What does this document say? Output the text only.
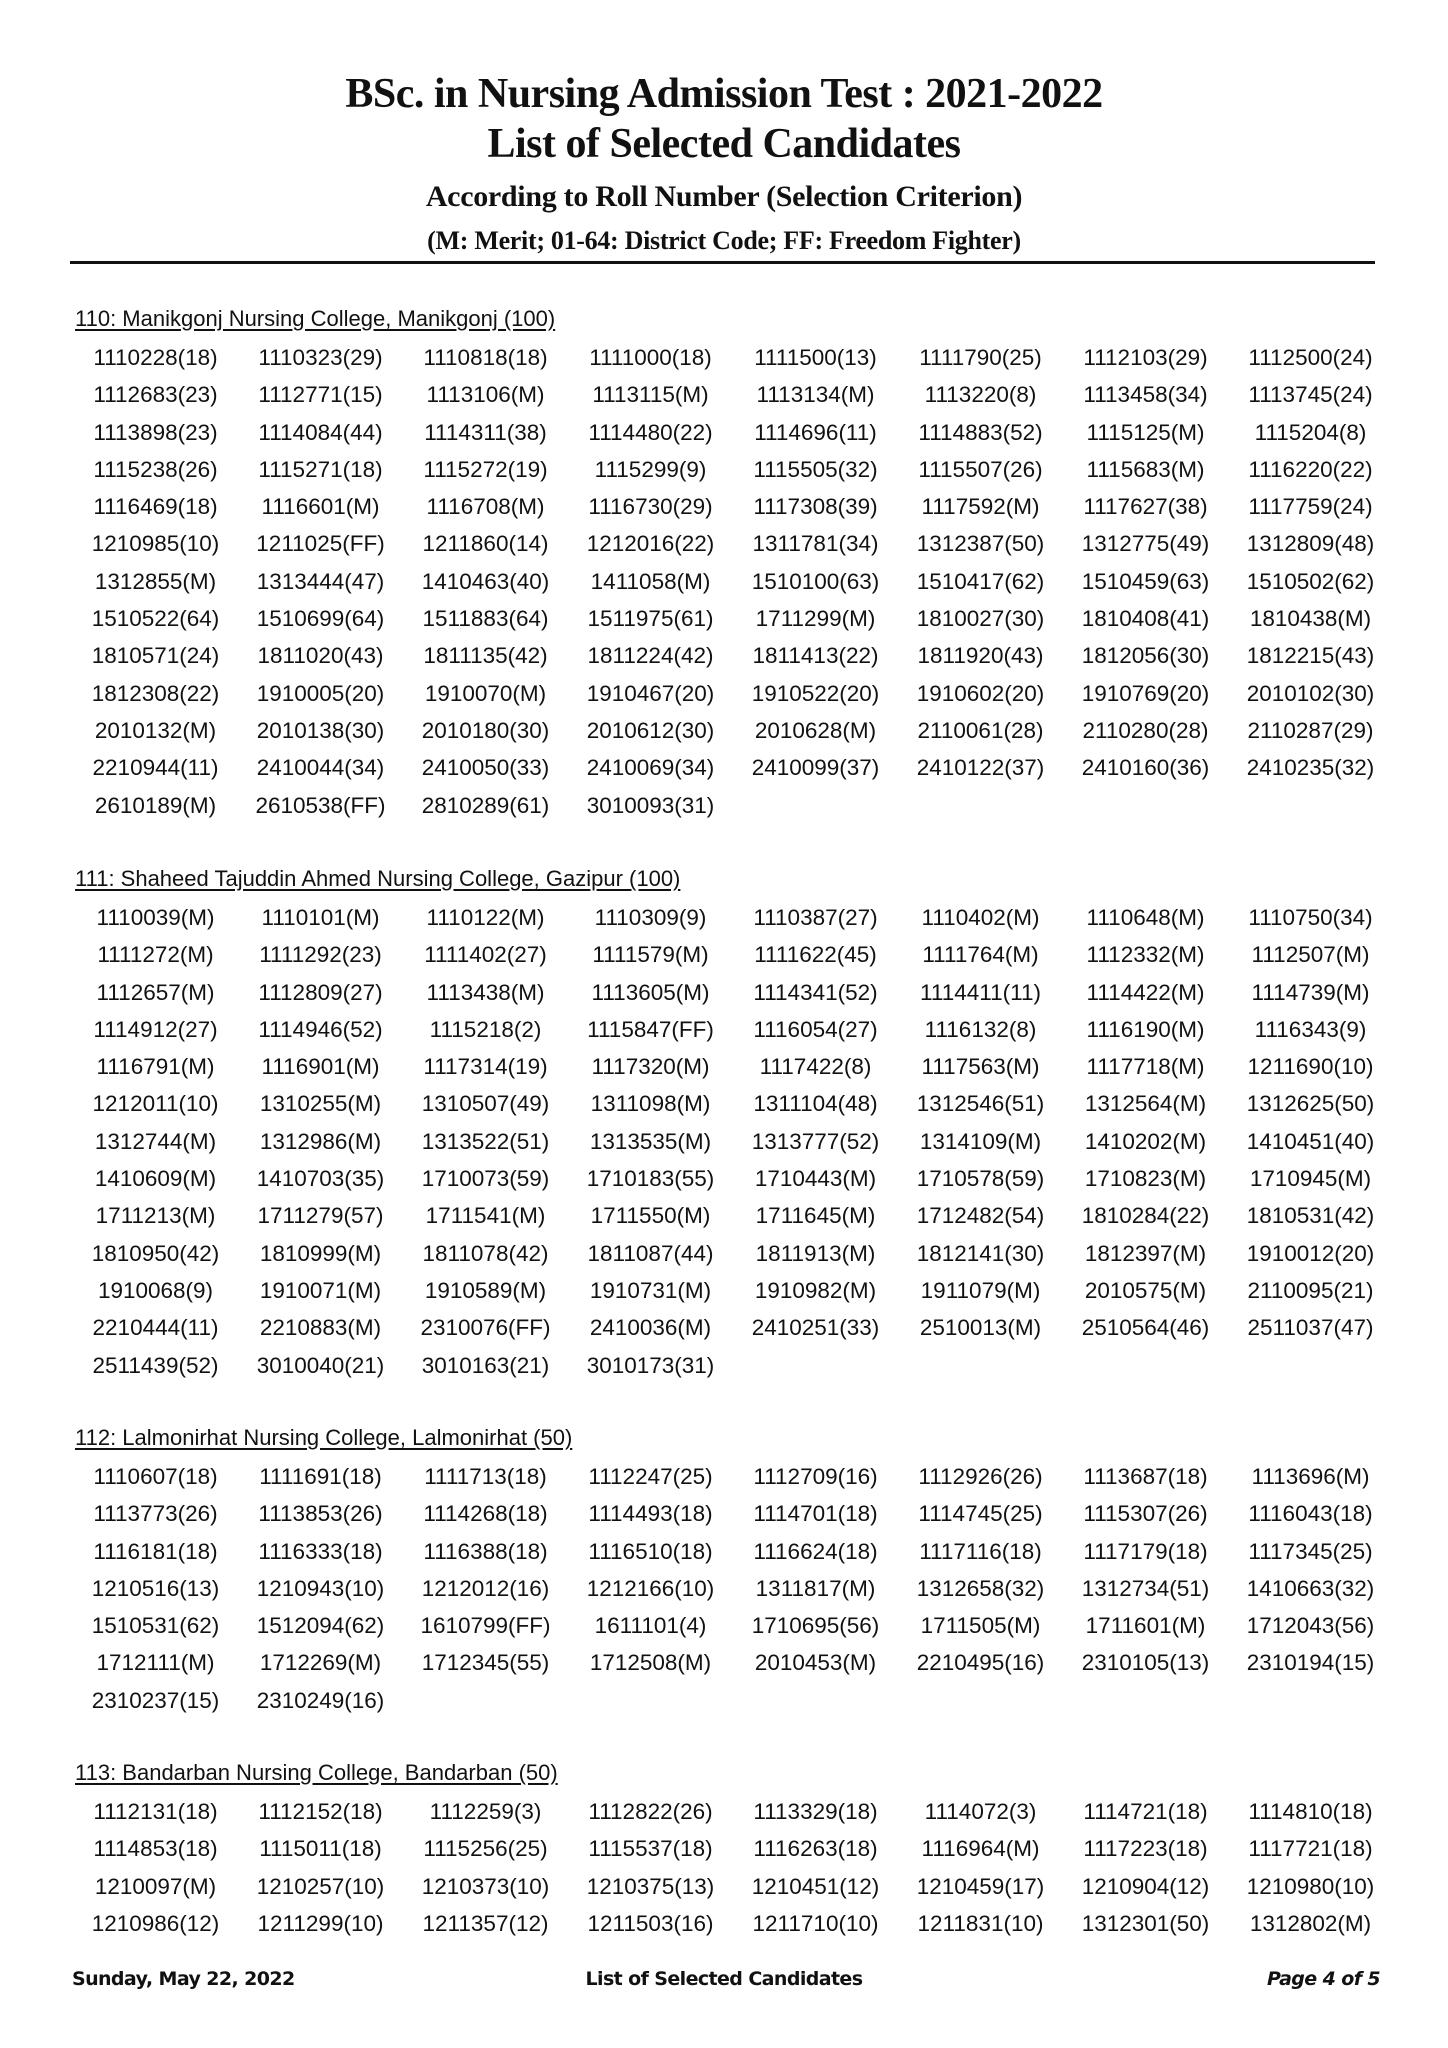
BSc. in Nursing Admission Test : 2021-2022
List of Selected Candidates
According to Roll Number (Selection Criterion)
(M: Merit; 01-64: District Code; FF: Freedom Fighter)
110: Manikgonj Nursing College, Manikgonj (100)
1110228(18)	1110323(29)	1110818(18)	1111000(18)	1111500(13)	1111790(25)	1112103(29)	1112500(24)
1112683(23)	1112771(15)	1113106(M)	1113115(M)	1113134(M)	1113220(8)	1113458(34)	1113745(24)
1113898(23)	1114084(44)	1114311(38)	1114480(22)	1114696(11)	1114883(52)	1115125(M)	1115204(8)
1115238(26)	1115271(18)	1115272(19)	1115299(9)	1115505(32)	1115507(26)	1115683(M)	1116220(22)
1116469(18)	1116601(M)	1116708(M)	1116730(29)	1117308(39)	1117592(M)	1117627(38)	1117759(24)
1210985(10)	1211025(FF)	1211860(14)	1212016(22)	1311781(34)	1312387(50)	1312775(49)	1312809(48)
1312855(M)	1313444(47)	1410463(40)	1411058(M)	1510100(63)	1510417(62)	1510459(63)	1510502(62)
1510522(64)	1510699(64)	1511883(64)	1511975(61)	1711299(M)	1810027(30)	1810408(41)	1810438(M)
1810571(24)	1811020(43)	1811135(42)	1811224(42)	1811413(22)	1811920(43)	1812056(30)	1812215(43)
1812308(22)	1910005(20)	1910070(M)	1910467(20)	1910522(20)	1910602(20)	1910769(20)	2010102(30)
2010132(M)	2010138(30)	2010180(30)	2010612(30)	2010628(M)	2110061(28)	2110280(28)	2110287(29)
2210944(11)	2410044(34)	2410050(33)	2410069(34)	2410099(37)	2410122(37)	2410160(36)	2410235(32)
2610189(M)	2610538(FF)	2810289(61)	3010093(31)
111: Shaheed Tajuddin Ahmed Nursing College, Gazipur (100)
1110039(M)	1110101(M)	1110122(M)	1110309(9)	1110387(27)	1110402(M)	1110648(M)	1110750(34)
1111272(M)	1111292(23)	1111402(27)	1111579(M)	1111622(45)	1111764(M)	1112332(M)	1112507(M)
1112657(M)	1112809(27)	1113438(M)	1113605(M)	1114341(52)	1114411(11)	1114422(M)	1114739(M)
1114912(27)	1114946(52)	1115218(2)	1115847(FF)	1116054(27)	1116132(8)	1116190(M)	1116343(9)
1116791(M)	1116901(M)	1117314(19)	1117320(M)	1117422(8)	1117563(M)	1117718(M)	1211690(10)
1212011(10)	1310255(M)	1310507(49)	1311098(M)	1311104(48)	1312546(51)	1312564(M)	1312625(50)
1312744(M)	1312986(M)	1313522(51)	1313535(M)	1313777(52)	1314109(M)	1410202(M)	1410451(40)
1410609(M)	1410703(35)	1710073(59)	1710183(55)	1710443(M)	1710578(59)	1710823(M)	1710945(M)
1711213(M)	1711279(57)	1711541(M)	1711550(M)	1711645(M)	1712482(54)	1810284(22)	1810531(42)
1810950(42)	1810999(M)	1811078(42)	1811087(44)	1811913(M)	1812141(30)	1812397(M)	1910012(20)
1910068(9)	1910071(M)	1910589(M)	1910731(M)	1910982(M)	1911079(M)	2010575(M)	2110095(21)
2210444(11)	2210883(M)	2310076(FF)	2410036(M)	2410251(33)	2510013(M)	2510564(46)	2511037(47)
2511439(52)	3010040(21)	3010163(21)	3010173(31)
112: Lalmonirhat Nursing College, Lalmonirhat (50)
1110607(18)	1111691(18)	1111713(18)	1112247(25)	1112709(16)	1112926(26)	1113687(18)	1113696(M)
1113773(26)	1113853(26)	1114268(18)	1114493(18)	1114701(18)	1114745(25)	1115307(26)	1116043(18)
1116181(18)	1116333(18)	1116388(18)	1116510(18)	1116624(18)	1117116(18)	1117179(18)	1117345(25)
1210516(13)	1210943(10)	1212012(16)	1212166(10)	1311817(M)	1312658(32)	1312734(51)	1410663(32)
1510531(62)	1512094(62)	1610799(FF)	1611101(4)	1710695(56)	1711505(M)	1711601(M)	1712043(56)
1712111(M)	1712269(M)	1712345(55)	1712508(M)	2010453(M)	2210495(16)	2310105(13)	2310194(15)
2310237(15)	2310249(16)
113: Bandarban Nursing College, Bandarban (50)
1112131(18)	1112152(18)	1112259(3)	1112822(26)	1113329(18)	1114072(3)	1114721(18)	1114810(18)
1114853(18)	1115011(18)	1115256(25)	1115537(18)	1116263(18)	1116964(M)	1117223(18)	1117721(18)
1210097(M)	1210257(10)	1210373(10)	1210375(13)	1210451(12)	1210459(17)	1210904(12)	1210980(10)
1210986(12)	1211299(10)	1211357(12)	1211503(16)	1211710(10)	1211831(10)	1312301(50)	1312802(M)
Sunday, May 22, 2022	List of Selected Candidates	Page 4 of 5
